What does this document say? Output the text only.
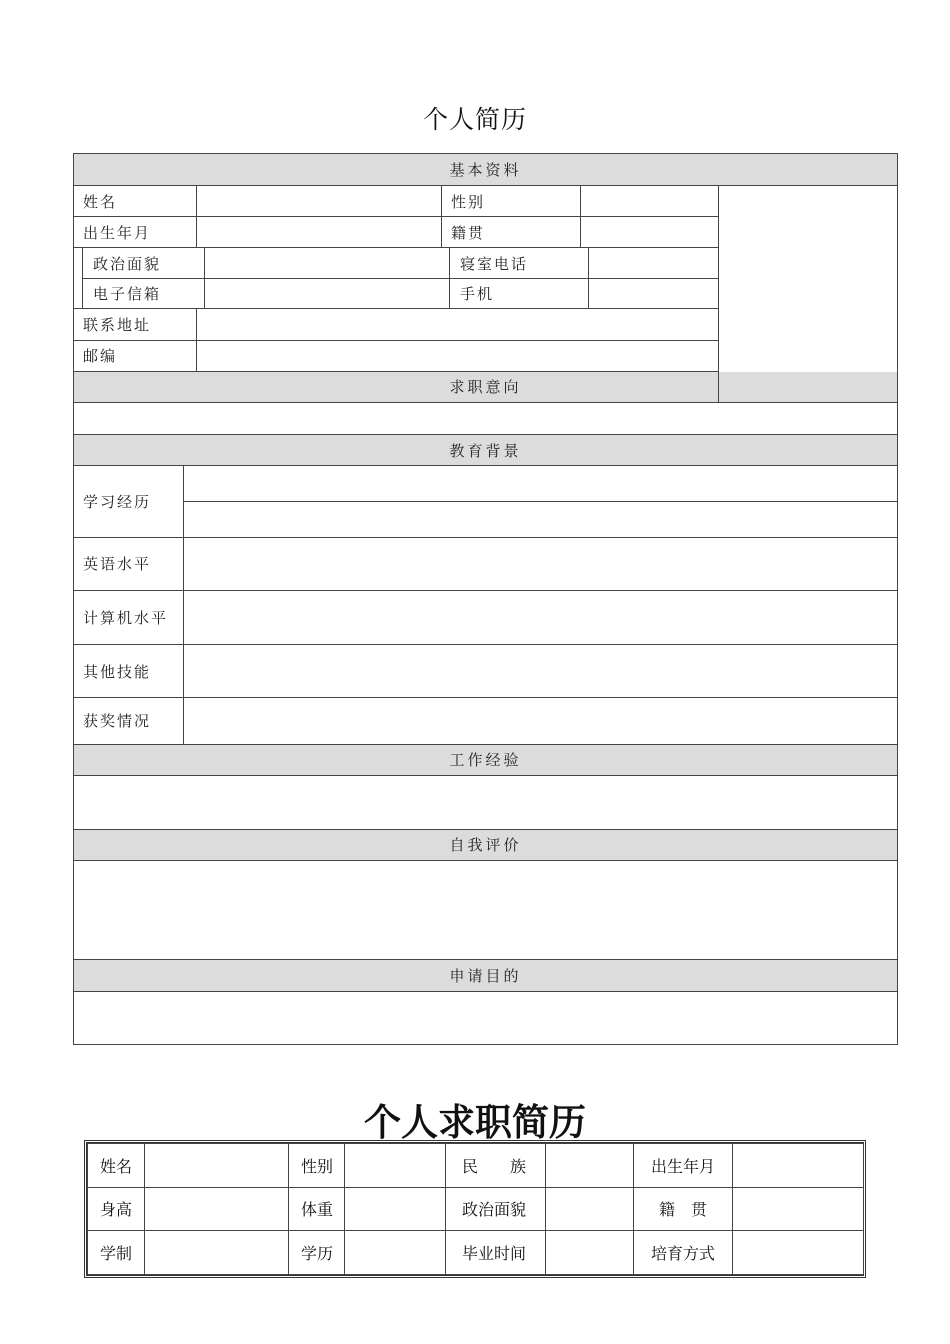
个人简历
基本资料
姓名		性别		
出生年月		籍贯	

政治面貌		寝室电话		
电子信箱		手机		

联系地址	
邮编	
求职意向

教育背景
学习经历	

英语水平	
计算机水平	
其他技能	
获奖情况	
工作经验

自我评价

申请目的

个人求职简历
姓名		性别		民　　族		出生年月	
身高		体重		政治面貌		籍　贯	
学制		学历		毕业时间		培育方式	
